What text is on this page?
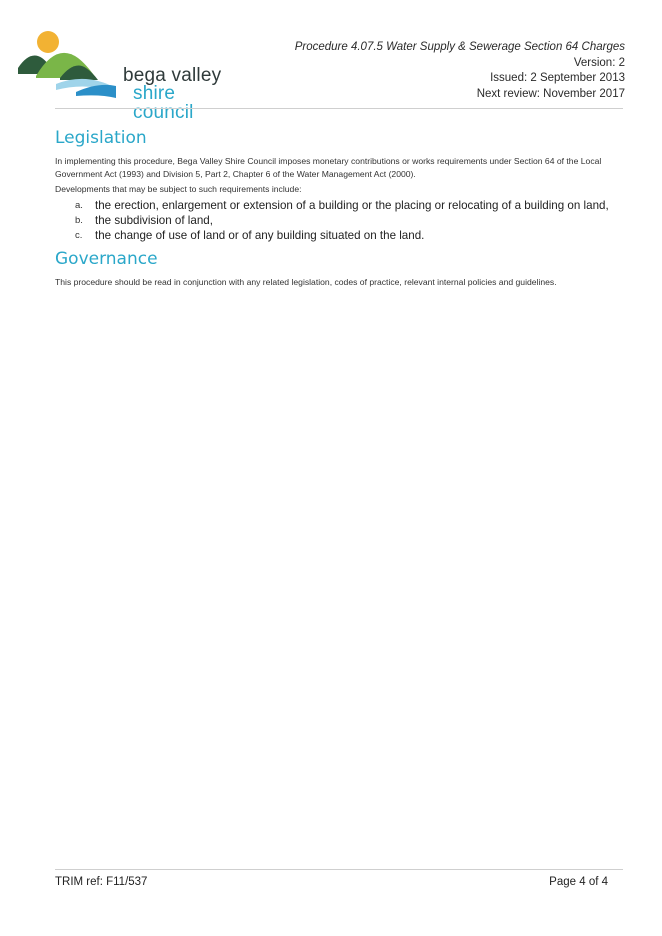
bega valley
shire council
Procedure 4.07.5 Water Supply & Sewerage Section 64 Charges
Version: 2
Issued: 2 September 2013
Next review: November 2017
Legislation

In implementing this procedure, Bega Valley Shire Council imposes monetary contributions or works requirements under Section 64 of the Local Government Act (1993) and Division 5, Part 2, Chapter 6 of the Water Management Act (2000).

Developments that may be subject to such requirements include:

a.	the erection, enlargement or extension of a building or the placing or relocating of a building on land,
b.	the subdivision of land,
c.	the change of use of land or of any building situated on the land.
Governance

This procedure should be read in conjunction with any related legislation, codes of practice, relevant internal policies and guidelines.

TRIM ref: F11/537	Page 4 of 4
